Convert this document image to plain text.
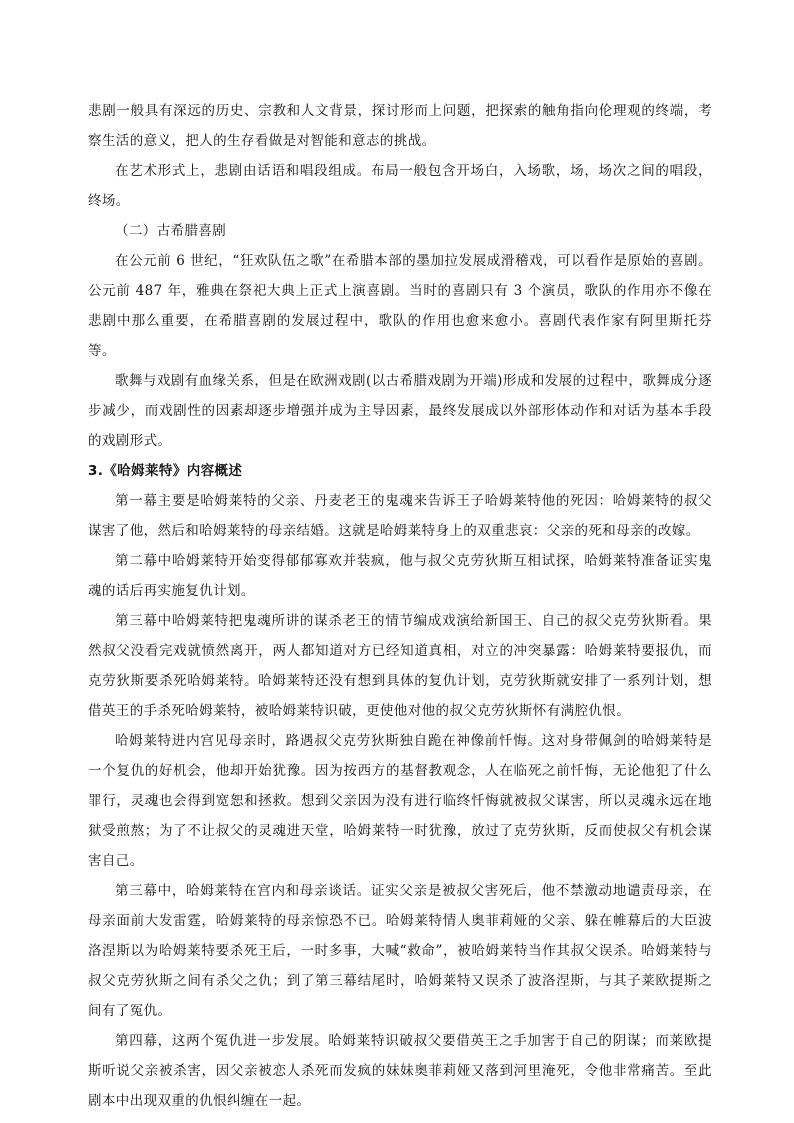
悲剧一般具有深远的历史、宗教和人文背景，探讨形而上问题，把探索的触角指向伦理观的终端，考察生活的意义，把人的生存看做是对智能和意志的挑战。

在艺术形式上，悲剧由话语和唱段组成。布局一般包含开场白，入场歌，场，场次之间的唱段，终场。

（二）古希腊喜剧

在公元前 6 世纪，“狂欢队伍之歌”在希腊本部的墨加拉发展成滑稽戏，可以看作是原始的喜剧。公元前 487 年，雅典在祭祀大典上正式上演喜剧。当时的喜剧只有 3 个演员，歌队的作用亦不像在悲剧中那么重要，在希腊喜剧的发展过程中，歌队的作用也愈来愈小。喜剧代表作家有阿里斯托芬等。

歌舞与戏剧有血缘关系，但是在欧洲戏剧(以古希腊戏剧为开端)形成和发展的过程中，歌舞成分逐步减少，而戏剧性的因素却逐步增强并成为主导因素，最终发展成以外部形体动作和对话为基本手段的戏剧形式。

3.《哈姆莱特》内容概述

第一幕主要是哈姆莱特的父亲、丹麦老王的鬼魂来告诉王子哈姆莱特他的死因：哈姆莱特的叔父谋害了他，然后和哈姆莱特的母亲结婚。这就是哈姆莱特身上的双重悲哀：父亲的死和母亲的改嫁。

第二幕中哈姆莱特开始变得郁郁寡欢并装疯，他与叔父克劳狄斯互相试探，哈姆莱特准备证实鬼魂的话后再实施复仇计划。

第三幕中哈姆莱特把鬼魂所讲的谋杀老王的情节编成戏演给新国王、自己的叔父克劳狄斯看。果然叔父没看完戏就愤然离开，两人都知道对方已经知道真相，对立的冲突暴露：哈姆莱特要报仇，而克劳狄斯要杀死哈姆莱特。哈姆莱特还没有想到具体的复仇计划，克劳狄斯就安排了一系列计划，想借英王的手杀死哈姆莱特，被哈姆莱特识破，更使他对他的叔父克劳狄斯怀有满腔仇恨。

哈姆莱特进内宫见母亲时，路遇叔父克劳狄斯独自跪在神像前忏悔。这对身带佩剑的哈姆莱特是一个复仇的好机会，他却开始犹豫。因为按西方的基督教观念，人在临死之前忏悔，无论他犯了什么罪行，灵魂也会得到宽恕和拯救。想到父亲因为没有进行临终忏悔就被叔父谋害，所以灵魂永远在地狱受煎熬；为了不让叔父的灵魂进天堂，哈姆莱特一时犹豫，放过了克劳狄斯，反而使叔父有机会谋害自己。

第三幕中，哈姆莱特在宫内和母亲谈话。证实父亲是被叔父害死后，他不禁激动地谴责母亲，在母亲面前大发雷霆，哈姆莱特的母亲惊恐不已。哈姆莱特情人奥菲莉娅的父亲、躲在帷幕后的大臣波洛涅斯以为哈姆莱特要杀死王后，一时多事，大喊“救命”，被哈姆莱特当作其叔父误杀。哈姆莱特与叔父克劳狄斯之间有杀父之仇；到了第三幕结尾时，哈姆莱特又误杀了波洛涅斯，与其子莱欧提斯之间有了冤仇。

第四幕，这两个冤仇进一步发展。哈姆莱特识破叔父要借英王之手加害于自己的阴谋；而莱欧提斯听说父亲被杀害，因父亲被恋人杀死而发疯的妹妹奥菲莉娅又落到河里淹死，令他非常痛苦。至此剧本中出现双重的仇恨纠缠在一起。
